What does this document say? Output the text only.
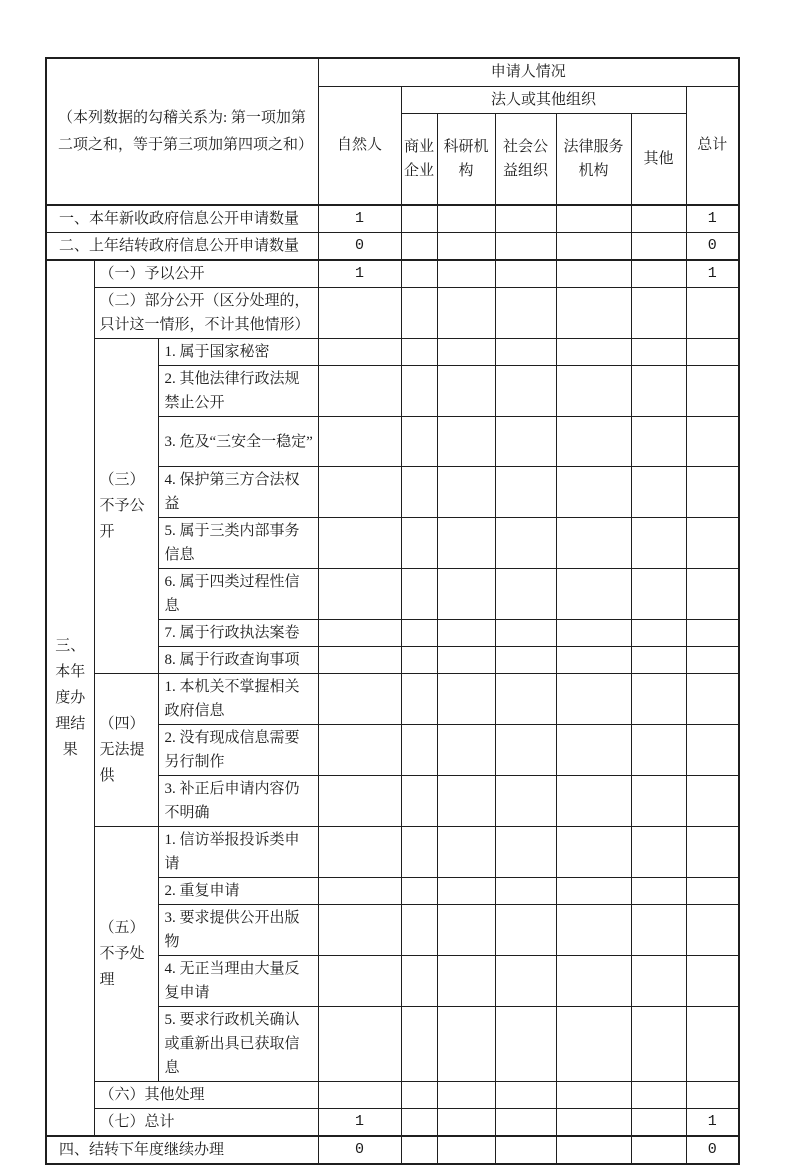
（本列数据的勾稽关系为: 第一项加第二项之和，等于第三项加第四项之和）			申请人情况						
			自然人	法人或其他组织					总计
				商业企业	科研机构	社会公益组织	法律服务机构	其他	
一、本年新收政府信息公开申请数量			1						1
二、上年结转政府信息公开申请数量			0						0
三、本年度办理结果	（一）予以公开		1						1
	（二）部分公开（区分处理的，只计这一情形，不计其他情形）								
	（三）不予公开	1. 属于国家秘密							
		2. 其他法律行政法规禁止公开							
		3. 危及“三安全一稳定”							
		4. 保护第三方合法权益							
		5. 属于三类内部事务信息							
		6. 属于四类过程性信息							
		7. 属于行政执法案卷							
		8. 属于行政查询事项							
	（四）无法提供	1. 本机关不掌握相关政府信息							
		2. 没有现成信息需要另行制作							
		3. 补正后申请内容仍不明确							
	（五）不予处理	1. 信访举报投诉类申请							
		2. 重复申请							
		3. 要求提供公开出版物							
		4. 无正当理由大量反复申请							
		5. 要求行政机关确认或重新出具已获取信息							
	（六）其他处理								
	（七）总计		1						1
四、结转下年度继续办理			0						0
